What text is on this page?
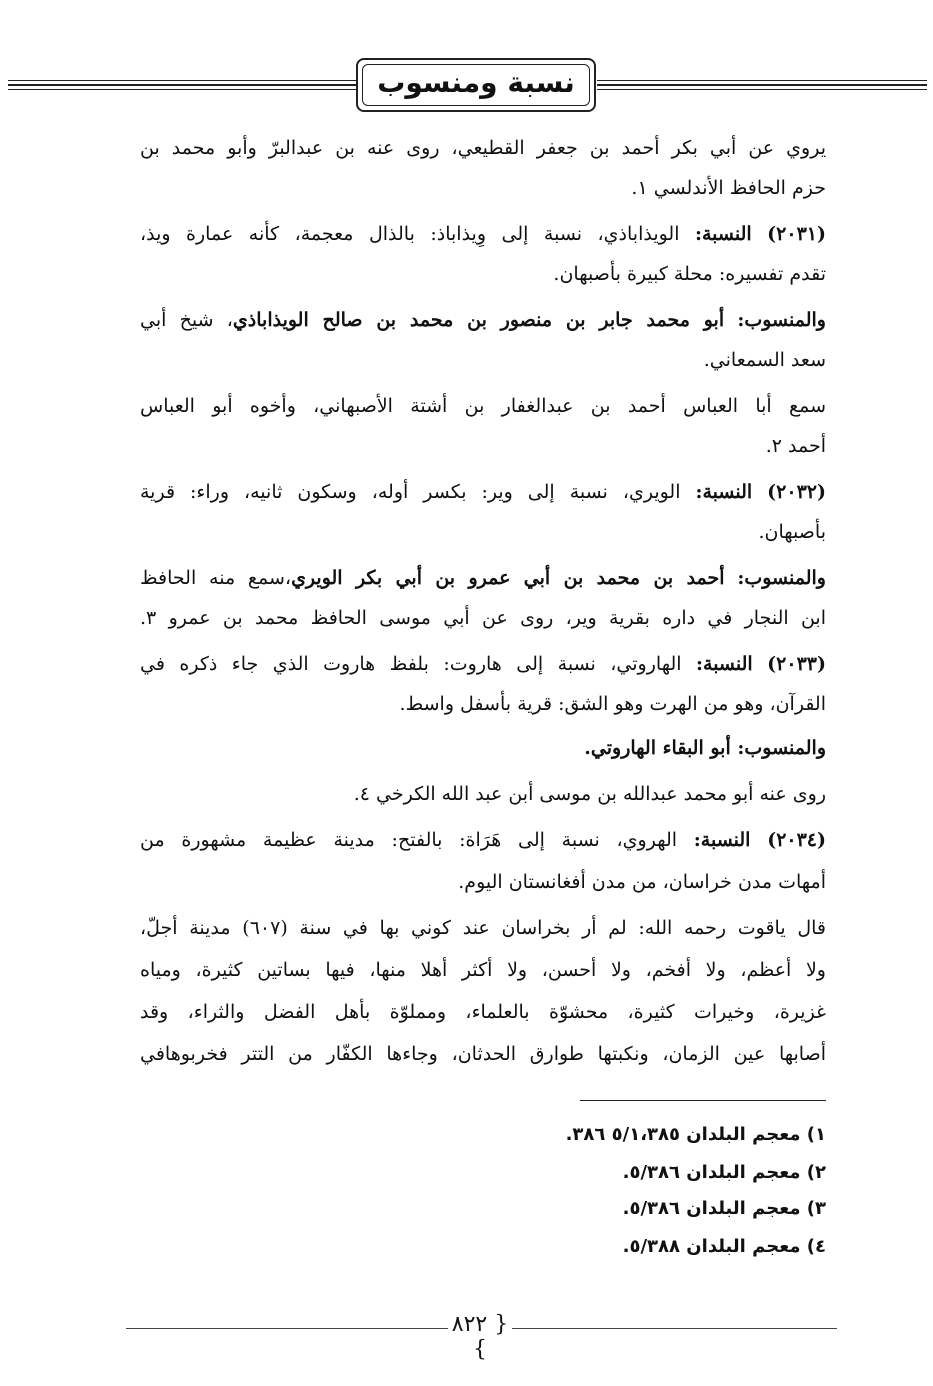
نسبة ومنسوب
يروي عن أبي بكر أحمد بن جعفر القطيعي، روى عنه بن عبدالبرّ وأبو محمد بن
حزم الحافظ الأندلسي ١.
(٢٠٣١) النسبة: الويذاباذي، نسبة إلى وِيذاباذ: بالذال معجمة، كأنه عمارة ويذ،
تقدم تفسيره: محلة كبيرة بأصبهان.
والمنسوب: أبو محمد جابر بن منصور بن محمد بن صالح الويذاباذي، شيخ أبي
سعد السمعاني.
سمع أبا العباس أحمد بن عبدالغفار بن أشتة الأصبهاني، وأخوه أبو العباس
أحمد ٢.
(٢٠٣٢) النسبة: الويري، نسبة إلى وير: بكسر أوله، وسكون ثانيه، وراء: قرية
بأصبهان.
والمنسوب: أحمد بن محمد بن أبي عمرو بن أبي بكر الويري،سمع منه الحافظ
ابن النجار في داره بقرية وير، روى عن أبي موسى الحافظ محمد بن عمرو ٣.
(٢٠٣٣) النسبة: الهاروتي، نسبة إلى هاروت: بلفظ هاروت الذي جاء ذكره في
القرآن، وهو من الهرت وهو الشق: قرية بأسفل واسط.
والمنسوب: أبو البقاء الهاروتي.
روى عنه أبو محمد عبدالله بن موسى أبن عبد الله الكرخي ٤.
(٢٠٣٤) النسبة: الهروي، نسبة إلى هَرَاة: بالفتح: مدينة عظيمة مشهورة من
أمهات مدن خراسان، من مدن أفغانستان اليوم.
قال ياقوت رحمه الله: لم أر بخراسان عند كوني بها في سنة (٦٠٧) مدينة أجلّ،
ولا أعظم، ولا أفخم، ولا أحسن، ولا أكثر أهلا منها، فيها بساتين كثيرة، ومياه
غزيرة، وخيرات كثيرة، محشوّة بالعلماء، ومملوّة بأهل الفضل والثراء، وقد
أصابها عين الزمان، ونكبتها طوارق الحدثان، وجاءها الكفّار من التتر فخربوهافي
١) معجم البلدان ٥/١،٣٨٥ ٣٨٦.
٢) معجم البلدان ٥/٣٨٦.
٣) معجم البلدان ٥/٣٨٦.
٤) معجم البلدان ٥/٣٨٨.
{ ٨٢٢ }
